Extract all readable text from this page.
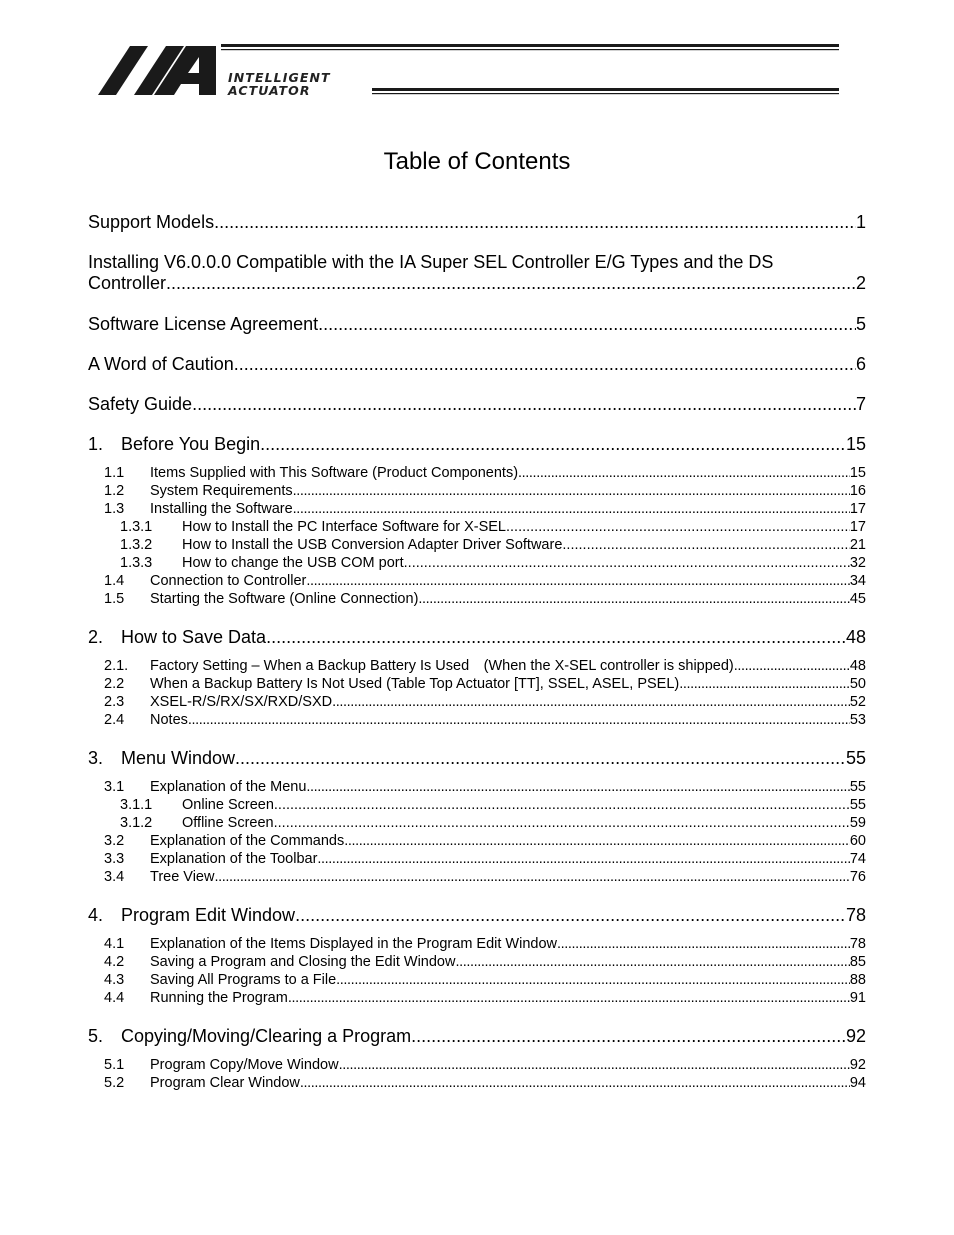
INTELLIGENT
ACTUATOR
Table of Contents
Support Models .....	1
Installing V6.0.0.0 Compatible with the IA Super SEL Controller E/G Types and the DS
Controller .....	2
Software License Agreement .....	5
A Word of Caution .....	6
Safety Guide .....	7
1. Before You Begin .....	15
1.1	Items Supplied with This Software (Product Components) .....	15
1.2	System Requirements .....	16
1.3	Installing the Software .....	17
1.3.1	How to Install the PC Interface Software for X-SEL .....	17
1.3.2	How to Install the USB Conversion Adapter Driver Software .....	21
1.3.3	How to change the USB COM port .....	32
1.4	Connection to Controller .....	34
1.5	Starting the Software (Online Connection) .....	45
2. How to Save Data .....	48
2.1.	Factory Setting – When a Backup Battery Is Used (When the X-SEL controller is shipped) .....	48
2.2	When a Backup Battery Is Not Used (Table Top Actuator [TT], SSEL, ASEL, PSEL) .....	50
2.3	XSEL-R/S/RX/SX/RXD/SXD .....	52
2.4	Notes .....	53
3. Menu Window .....	55
3.1	Explanation of the Menu .....	55
3.1.1	Online Screen .....	55
3.1.2	Offline Screen .....	59
3.2	Explanation of the Commands .....	60
3.3	Explanation of the Toolbar .....	74
3.4	Tree View .....	76
4. Program Edit Window .....	78
4.1	Explanation of the Items Displayed in the Program Edit Window .....	78
4.2	Saving a Program and Closing the Edit Window .....	85
4.3	Saving All Programs to a File .....	88
4.4	Running the Program .....	91
5. Copying/Moving/Clearing a Program .....	92
5.1	Program Copy/Move Window .....	92
5.2	Program Clear Window .....	94
